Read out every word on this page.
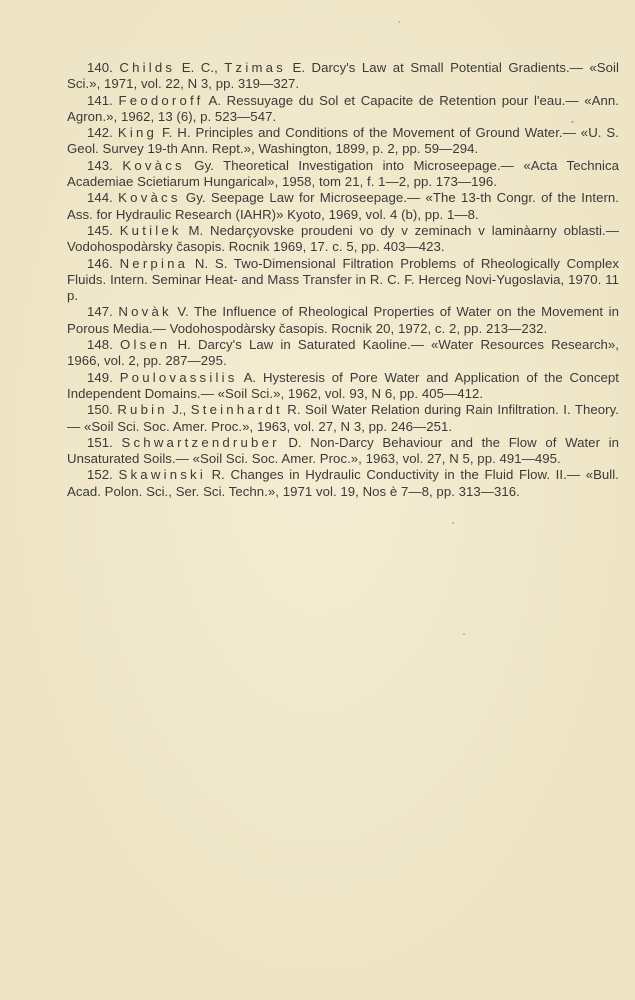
140. Childs E. C., Tzimas E. Darcy's Law at Small Potential Gradients.— «Soil Sci.», 1971, vol. 22, N 3, pp. 319—327.

141. Feodoroff A. Ressuyage du Sol et Capacite de Retention pour l'eau.— «Ann. Agron.», 1962, 13 (6), p. 523—547.

142. King F. H. Principles and Conditions of the Movement of Ground Water.— «U. S. Geol. Survey 19-th Ann. Rept.», Washington, 1899, p. 2, pp. 59—294.

143. Kovàcs Gy. Theoretical Investigation into Microseepage.— «Acta Technica Academiae Scietiarum Hungarical», 1958, tom 21, f. 1—2, pp. 173—196.

144. Kovàcs Gy. Seepage Law for Microseepage.— «The 13-th Congr. of the Intern. Ass. for Hydraulic Research (IAHR)» Kyoto, 1969, vol. 4 (b), pp. 1—8.

145. Kutilek M. Nedarçyovske proudeni vo dy v zeminach v laminàarny oblasti.— Vodohospodàrsky časopis. Rocnik 1969, 17. c. 5, pp. 403—423.

146. Nerpina N. S. Two-Dimensional Filtration Problems of Rheologically Complex Fluids. Intern. Seminar Heat- and Mass Transfer in R. C. F. Herceg Novi-Yugoslavia, 1970. 11 p.

147. Novàk V. The Influence of Rheological Properties of Water on the Movement in Porous Media.— Vodohospodàrsky časopis. Rocnik 20, 1972, c. 2, pp. 213—232.

148. Olsen H. Darcy's Law in Saturated Kaoline.— «Water Resources Research», 1966, vol. 2, pp. 287—295.

149. Poulovassilis A. Hysteresis of Pore Water and Application of the Concept Independent Domains.— «Soil Sci.», 1962, vol. 93, N 6, pp. 405—412.

150. Rubin J., Steinhardt R. Soil Water Relation during Rain Infiltration. I. Theory.— «Soil Sci. Soc. Amer. Proc.», 1963, vol. 27, N 3, pp. 246—251.

151. Schwartzendruber D. Non-Darcy Behaviour and the Flow of Water in Unsaturated Soils.— «Soil Sci. Soc. Amer. Proc.», 1963, vol. 27, N 5, pp. 491—495.

152. Skawinski R. Changes in Hydraulic Conductivity in the Fluid Flow. II.— «Bull. Acad. Polon. Sci., Ser. Sci. Techn.», 1971 vol. 19, Nos è 7—8, pp. 313—316.
